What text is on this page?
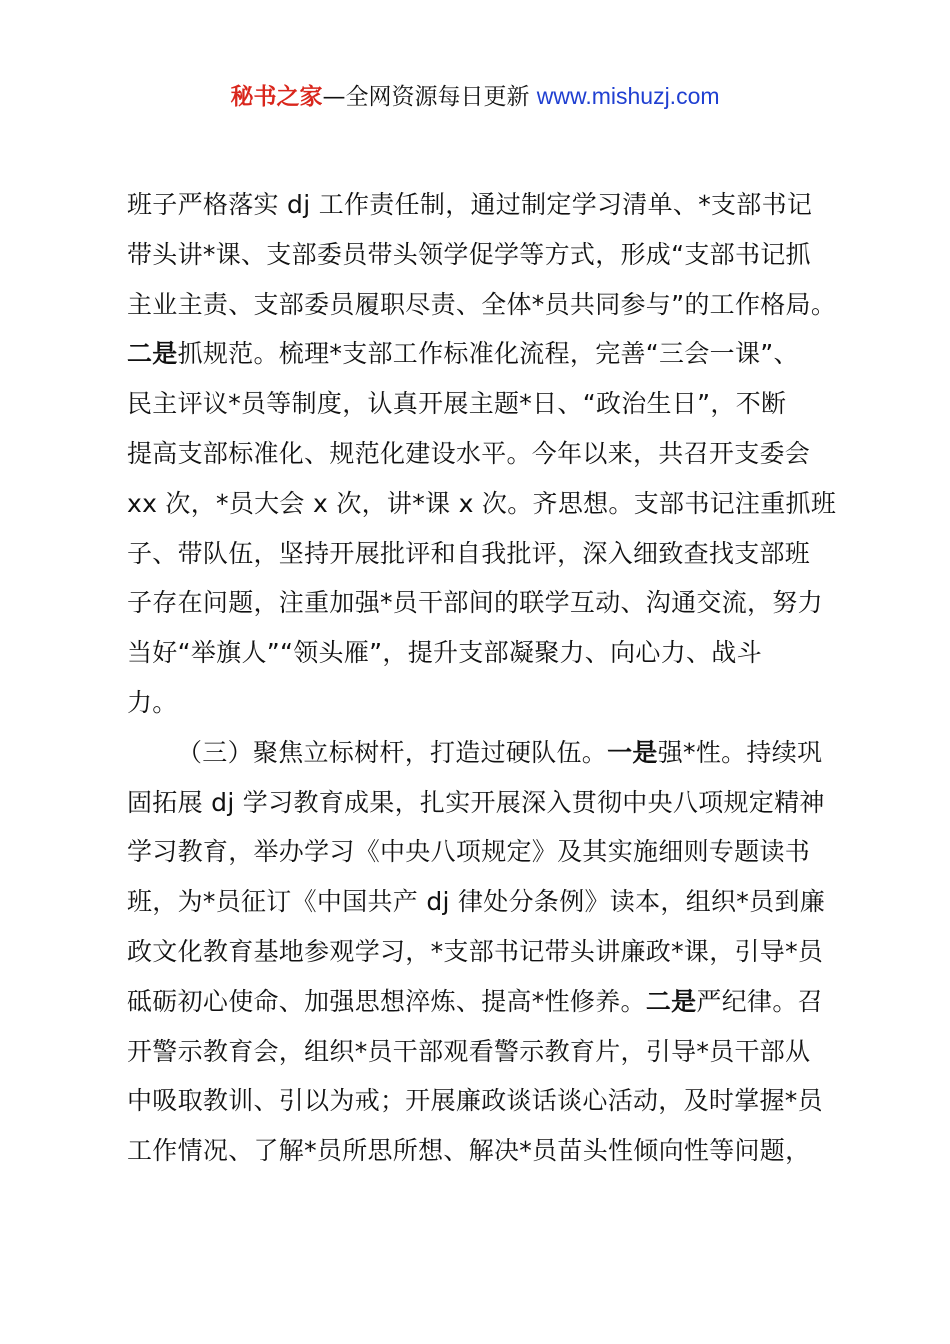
秘书之家—全网资源每日更新 www.mishuzj.com
班子严格落实 dj 工作责任制，通过制定学习清单、*支部书记
带头讲*课、支部委员带头领学促学等方式，形成“支部书记抓
主业主责、支部委员履职尽责、全体*员共同参与”的工作格局。
二是抓规范。梳理*支部工作标准化流程，完善“三会一课”、
民主评议*员等制度，认真开展主题*日、“政治生日”，不断
提高支部标准化、规范化建设水平。今年以来，共召开支委会
xx 次，*员大会 x 次，讲*课 x 次。齐思想。支部书记注重抓班
子、带队伍，坚持开展批评和自我批评，深入细致查找支部班
子存在问题，注重加强*员干部间的联学互动、沟通交流，努力
当好“举旗人”“领头雁”，提升支部凝聚力、向心力、战斗
力。
（三）聚焦立标树杆，打造过硬队伍。一是强*性。持续巩
固拓展 dj 学习教育成果，扎实开展深入贯彻中央八项规定精神
学习教育，举办学习《中央八项规定》及其实施细则专题读书
班，为*员征订《中国共产 dj 律处分条例》读本，组织*员到廉
政文化教育基地参观学习，*支部书记带头讲廉政*课，引导*员
砥砺初心使命、加强思想淬炼、提高*性修养。二是严纪律。召
开警示教育会，组织*员干部观看警示教育片，引导*员干部从
中吸取教训、引以为戒；开展廉政谈话谈心活动，及时掌握*员
工作情况、了解*员所思所想、解决*员苗头性倾向性等问题，
